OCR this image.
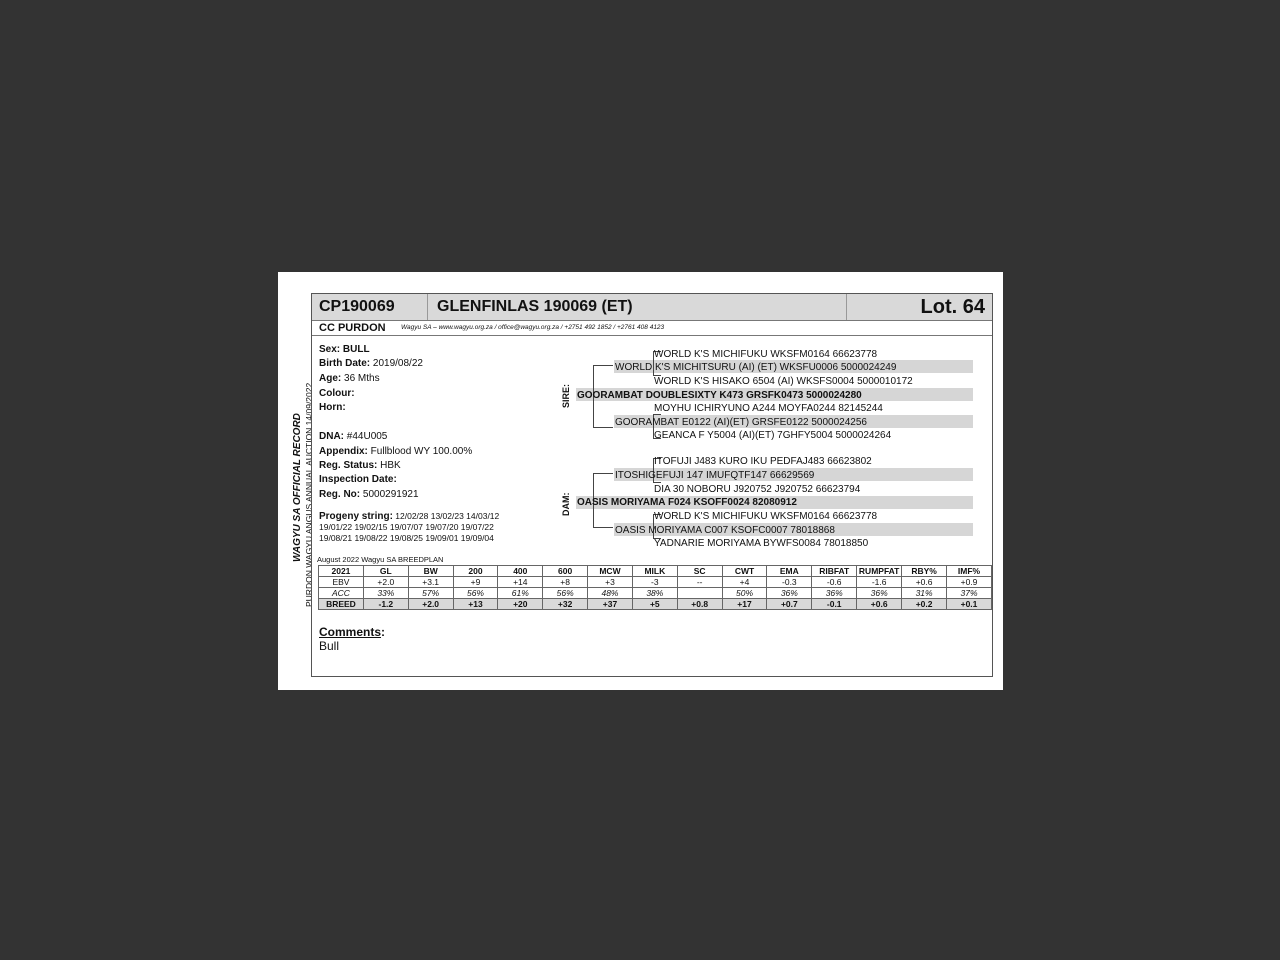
WAGYU SA OFFICIAL RECORD PURDON WAGYU ANGUS ANNUAL AUCTION 14/09/2022
CP190069	GLENFINLAS 190069 (ET)	Lot. 64
CC PURDON Wagyu SA – www.wagyu.org.za / office@wagyu.org.za / +2751 492 1852 / +2761 408 4123
Sex: BULL
Birth Date: 2019/08/22
Age: 36 Mths
Colour:
Horn:
DNA: #44U005
Appendix: Fullblood WY 100.00%
Reg. Status: HBK
Inspection Date:
Reg. No: 5000291921
Progeny string: 12/02/28 13/02/23 14/03/12
19/01/22 19/02/15 19/07/07 19/07/20 19/07/22
19/08/21 19/08/22 19/08/25 19/09/01 19/09/04
SIRE:
DAM:
WORLD K'S MICHIFUKU WKSFM0164 66623778
WORLD K'S MICHITSURU (AI) (ET) WKSFU0006 5000024249
WORLD K'S HISAKO 6504 (AI) WKSFS0004 5000010172
GOORAMBAT DOUBLESIXTY K473 GRSFK0473 5000024280
MOYHU ICHIRYUNO A244 MOYFA0244 82145244
GOORAMBAT E0122 (AI)(ET) GRSFE0122 5000024256
GEANCA F Y5004 (AI)(ET) 7GHFY5004 5000024264
ITOFUJI J483 KURO IKU PEDFAJ483 66623802
ITOSHIGEFUJI 147 IMUFQTF147 66629569
DIA 30 NOBORU J920752 J920752 66623794
OASIS MORIYAMA F024 KSOFF0024 82080912
WORLD K'S MICHIFUKU WKSFM0164 66623778
OASIS MORIYAMA C007 KSOFC0007 78018868
YADNARIE MORIYAMA BYWFS0084 78018850
August 2022 Wagyu SA BREEDPLAN
2021	GL	BW	200	400	600	MCW	MILK	SC	CWT	EMA	RIBFAT	RUMPFAT	RBY%	IMF%
EBV	+2.0	+3.1	+9	+14	+8	+3	-3	--	+4	-0.3	-0.6	-1.6	+0.6	+0.9
ACC	33%	57%	56%	61%	56%	48%	38%		50%	36%	36%	36%	31%	37%
BREED	-1.2	+2.0	+13	+20	+32	+37	+5	+0.8	+17	+0.7	-0.1	+0.6	+0.2	+0.1
Comments:
Bull
